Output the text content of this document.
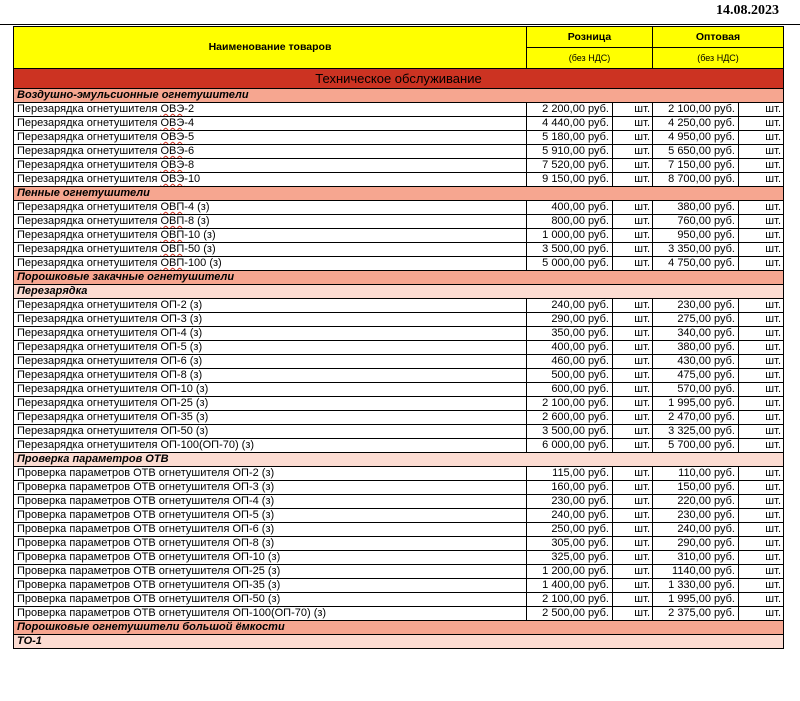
14.08.2023
Наименование товаров	Розница		Оптовая	
	(без НДС)		(без НДС)	
Техническое обслуживание				
Воздушно-эмульсионные огнетушители				
Перезарядка огнетушителя ОВЭ-2	2 200,00 руб.	шт.	2 100,00 руб.	шт.
Перезарядка огнетушителя ОВЭ-4	4 440,00 руб.	шт.	4 250,00 руб.	шт.
Перезарядка огнетушителя ОВЭ-5	5 180,00 руб.	шт.	4 950,00 руб.	шт.
Перезарядка огнетушителя ОВЭ-6	5 910,00 руб.	шт.	5 650,00 руб.	шт.
Перезарядка огнетушителя ОВЭ-8	7 520,00 руб.	шт.	7 150,00 руб.	шт.
Перезарядка огнетушителя ОВЭ-10	9 150,00 руб.	шт.	8 700,00 руб.	шт.
Пенные огнетушители				
Перезарядка огнетушителя ОВП-4 (з)	400,00 руб.	шт.	380,00 руб.	шт.
Перезарядка огнетушителя ОВП-8 (з)	800,00 руб.	шт.	760,00 руб.	шт.
Перезарядка огнетушителя ОВП-10 (з)	1 000,00 руб.	шт.	950,00 руб.	шт.
Перезарядка огнетушителя ОВП-50 (з)	3 500,00 руб.	шт.	3 350,00 руб.	шт.
Перезарядка огнетушителя ОВП-100 (з)	5 000,00 руб.	шт.	4 750,00 руб.	шт.
Порошковые закачные огнетушители				
Перезарядка				
Перезарядка огнетушителя ОП-2 (з)	240,00 руб.	шт.	230,00 руб.	шт.
Перезарядка огнетушителя ОП-3 (з)	290,00 руб.	шт.	275,00 руб.	шт.
Перезарядка огнетушителя ОП-4 (з)	350,00 руб.	шт.	340,00 руб.	шт.
Перезарядка огнетушителя ОП-5 (з)	400,00 руб.	шт.	380,00 руб.	шт.
Перезарядка огнетушителя ОП-6 (з)	460,00 руб.	шт.	430,00 руб.	шт.
Перезарядка огнетушителя ОП-8 (з)	500,00 руб.	шт.	475,00 руб.	шт.
Перезарядка огнетушителя ОП-10 (з)	600,00 руб.	шт.	570,00 руб.	шт.
Перезарядка огнетушителя ОП-25 (з)	2 100,00 руб.	шт.	1 995,00 руб.	шт.
Перезарядка огнетушителя ОП-35 (з)	2 600,00 руб.	шт.	2 470,00 руб.	шт.
Перезарядка огнетушителя ОП-50 (з)	3 500,00 руб.	шт.	3 325,00 руб.	шт.
Перезарядка огнетушителя ОП-100(ОП-70) (з)	6 000,00 руб.	шт.	5 700,00 руб.	шт.
Проверка параметров ОТВ				
Проверка параметров ОТВ огнетушителя ОП-2 (з)	115,00 руб.	шт.	110,00 руб.	шт.
Проверка параметров ОТВ огнетушителя ОП-3 (з)	160,00 руб.	шт.	150,00 руб.	шт.
Проверка параметров ОТВ огнетушителя ОП-4 (з)	230,00 руб.	шт.	220,00 руб.	шт.
Проверка параметров ОТВ огнетушителя ОП-5 (з)	240,00 руб.	шт.	230,00 руб.	шт.
Проверка параметров ОТВ огнетушителя ОП-6 (з)	250,00 руб.	шт.	240,00 руб.	шт.
Проверка параметров ОТВ огнетушителя ОП-8 (з)	305,00 руб.	шт.	290,00 руб.	шт.
Проверка параметров ОТВ огнетушителя ОП-10 (з)	325,00 руб.	шт.	310,00 руб.	шт.
Проверка параметров ОТВ огнетушителя ОП-25 (з)	1 200,00 руб.	шт.	1140,00 руб.	шт.
Проверка параметров ОТВ огнетушителя ОП-35 (з)	1 400,00 руб.	шт.	1 330,00 руб.	шт.
Проверка параметров ОТВ огнетушителя ОП-50 (з)	2 100,00 руб.	шт.	1 995,00 руб.	шт.
Проверка параметров ОТВ огнетушителя ОП-100(ОП-70) (з)	2 500,00 руб.	шт.	2 375,00 руб.	шт.
Порошковые огнетушители большой ёмкости				
ТО-1				
